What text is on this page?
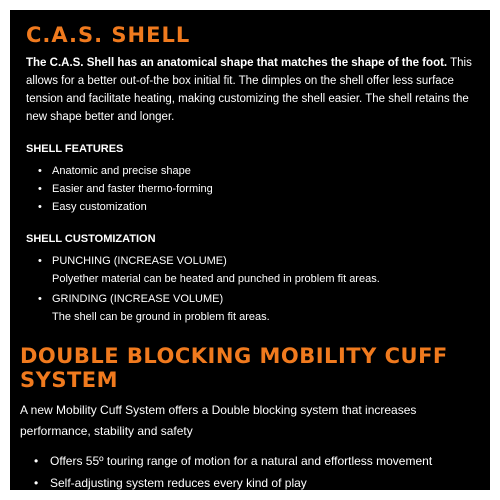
C.A.S. SHELL

The C.A.S. Shell has an anatomical shape that matches the shape of the foot. This allows for a better out-of-the box initial fit. The dimples on the shell offer less surface tension and facilitate heating, making customizing the shell easier. The shell retains the new shape better and longer.

SHELL FEATURES
• Anatomic and precise shape
• Easier and faster thermo-forming
• Easy customization
SHELL CUSTOMIZATION
• PUNCHING (INCREASE VOLUME)
Polyether material can be heated and punched in problem fit areas.
• GRINDING (INCREASE VOLUME)
The shell can be ground in problem fit areas.
DOUBLE BLOCKING MOBILITY CUFF SYSTEM

A new Mobility Cuff System offers a Double blocking system that increases performance, stability and safety

• Offers 55º touring range of motion for a natural and effortless movement
• Self-adjusting system reduces every kind of play
